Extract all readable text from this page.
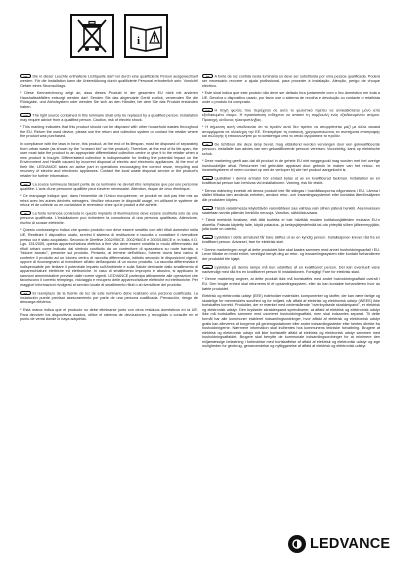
i

DE Die in dieser Leuchte enthaltene Lichtquelle darf nur durch eine qualifizierte Person ausgewechselt werden. Für die Installation kann die Unterstützung durch qualifizierte Personal erforderlich sein. Vorsicht! Gefahr eines Stromschlags.

* Diese Kennzeichnung zeigt an, dass dieses Produkt in der gesamten EU nicht mit anderen Haushaltsabfällen entsorgt werden darf. Senden Sie das abgenutzte Gerät zurück, verwenden Sie die Rückgabe- und Abholsystem oder wenden Sie sich an den Händler, bei dem Sie das Produkt erstanden haben.

GB The light source contained in this luminaire shall only be replaced by a qualified person. Installation may require advice from a qualified person. Caution, risk of electric shock.

* This marking indicates that this product should not be disposed with other household wastes throughout the EU. Return the used device, please use the return and collection system or contact the retailer where the product was purchased.

In compliance with the laws in force, this product, at the end of its lifespan, must be disposed of separately from urban waste (as shown by the "crossed bin" on the product). Therefore, at the end of its life-span, the user must take the product to an appropriate differentiated collection centre or give it to the retailer when a new product is bought. Differentiated collection is indispensable for limiting the potential impact on the Environment and Health caused by incorrect disposal of electric and electronic appliances. At the end of their life, LEDVANCE takes an active part in operations encouraging the correct reuse, recycling and recovery of electric and electronic appliances. Contact the local waste disposal service or the product's retailer for further information.

FR La source lumineuse faisant partie de ce luminaire ne devrait être remplacée que par une personne qualifiée. L'avis d'une personne qualifiée peut s'avérer nécessaire. Attention, risque de choc électrique.

* Ce marquage indique que, dans l'ensemble de l'Union européenne, ce produit ne doit pas être mis au rebut avec les autres déchets ménagers. Veuillez retourner le dispositif usagé, en utilisant le système de retour et de collecte ou en contactant le revendeur chez qui le produit a été acheté.

IT La fonte luminosa contenuta in questo impianto di illuminazione deve essere sostituita solo da una persona qualificata. L'installazione può richiedere la consulenza di una persona qualificata. Attenzione, rischio di scosse elettriche.

* Questo contrassegno indica che questo prodotto non deve essere smaltito con altri rifiuti domestici nella UE. Restituire il dispositivo usato, servirsi il sistema di restituzione e raccolta o contattare il rivenditore presso cui è stato acquistato. Secondo le Direttive 2002/95/CE, 2002/96/CE e 2003/108/CE e, in Italia, il D. Lgs. 151/2005, questa apparecchiatura elettrica a fine vita deve essere smaltita in modo differenziato dai rifiuti urbani come indicato dal simbolo costituito da un contenitore di spazzatura su ruote barrato, o "bidone barrato", presente sul prodotto. Pertanto, al termine dell'utilizzo, l'utente dovrà farsi carico di conferire il prodotto ad un idoneo centro di raccolta differenziata, istituito secondo le disposizioni vigenti, oppure di riconsegnarlo al rivenditore all'atto dell'acquisto di un nuovo prodotto. La raccolta differenziata è indispensabile per limitare il potenziale impatto sull'Ambiente e sulla Salute derivante dallo smaltimento di apparecchiature elettriche ed elettroniche. In caso di smaltimento improprio e abusivo, si applicano le sanzioni amministrative previste dalle norme vigenti. LEDVANCE partecipa attivamente alle operazioni che favoriscono il corretto reimpiego, riciclaggio e recupero delle apparecchiature elettriche ed elettroniche. Per maggiori informazioni rivolgersi al servizio locale di smaltimento rifiuti o al rivenditore del prodotto.

ES El reemplazo de la fuente de luz de este luminario debe realizarlo una persona cualificada. La instalación puede precisar asesoramiento por parte de una persona cualificada. Precaución, riesgo de descarga eléctrica.

* Esta marca indica que el producto no debe eliminarse junto con otros residuos domésticos en la UE. Para devolver los dispositivos usados, utilice el sistema de devoluciones y recogidas o consulte en el punto de venta donde lo haya adquirido.

PT A fonte de luz contida nesta luminária só deve ser substituída por uma pessoa qualificada. Poderá ser necessário recorrer a ajuda profissional, para proceder à instalação. Atenção, perigo de choque eléctrico.

* Este sinal indica que este produto não deve ser deitado fora juntamente com o lixo doméstico em toda a UE. Devolva o dispositivo usado, por favor use o sistema de recolha e devolução ou contacte o retalhista onde o produto foi comprado.

GR Η πηγή φωτός που περιέχεται σε αυτό το φωτιστικό πρέπει να αντικαθίσταται μόνο από εξειδικευμένο άτομο. Η εγκατάσταση ενδέχεται να απαιτεί τη συμβουλή ενός εξειδικευμένου ατόμου. Προσοχή, κίνδυνος ηλεκτροπληξίας.

* Η σήμανση αυτή υποδεικνύει ότι το προϊόν αυτό δεν πρέπει να απορρίπτεται μαζί με άλλα οικιακά απορρίμματα σε ολόκληρη την ΕΕ. Επιστρέψτε τη συσκευή, χρησιμοποιώντας τα συστήματα επιστροφής και συλλογής ή επικοινωνήστε με το κατάστημα από το οποίο αγοράσατε το προϊόν.

NL De lichtbron die deze lamp bevat, mag uitsluitend worden vervangen door een gekwalificeerde persoon. Installatie kan advies van een gekwalificeerde persoon vereisen. Voorzichtig, kans op elektrische schok.

* Deze markering geeft aan dat dit product in de gehele EU niet weggegooid mag worden met het overige huishoudelijke afval. Retourneer het gebruikte apparaat door gebruik te maken van het retour- en inzamelsysteem of neem contact op met de verkoper bij wie het product aangekocht is.

SE Ljuskällan i denna armatur bör endast bytas ut av en kvalificerad fackman. Installation av en kvalificerad person kan behövas vid installationen. Varning, risk för elstöt.

* Denna märkning innebär att denna produkt inte får slängas i hushållssoporna någonstans i EU. Lämna i stället tillbaka den använda enheten, använd retur- och insamlingssystemet eller kontakta återförsäljaren där produkten köptes.

FI Tässä valaisimessa käytettävän valonlähteen saa vaihtaa vain siihen pätevä henkilö. Asennukseen saatetaan tarvita pätevän henkilön neuvoja. Varoitus, sähköiskuvaara.

* Tämä merkintä ilmaisee, että tätä tuotetta ei tule hävittää muiden kotitalousjätteiden mukana EU:n alueella. Palauta käytetty laite, käytä palautus- ja keräysjärjestelmää tai ota yhteyttä siihen jälleenmyyjään, jolta tuote on ostettu.

NO Lyskilden i dette armaturet får bare skiftes ut av en kyndig person. Installasjonen krever råd fra en kvalifisert person. Advarsel, fare for elektrisk støt.

* Denne markeringen angir at dette produktet ikke skal kastes sammen med annet husholdningsavfall i EU. Lever tilbake en brukt enhet, vennligst benytt deg av retur- og innsamlingssystem eller kontakt forhandleren der produktet ble kjøpt.

DK Lyskilden på denne lampe må kun udskiftes af en kvalificeret person. Det kan eventuelt være nødvendigt med råd fra en kvalificeret person til installationen. Forsigtig! Fare for elektrisk stød.

* Denne markering angiver, at dette produkt ikke må bortskaffes med andet husholdningsaffald overalt i EU. Den brugte enhed skal returneres til et opsamlingssystem, eller du kan kontakte forhandleren hvor du købte produktet.

Elektrisk og elektronisk udstyr (EEE) indeholder materialer, komponenter og stoffer, der kan være farlige og skadelige for menneskers sundhed og for miljøet, når affald af elektrisk og elektronisk udstyr (WEEE) ikke bortskaffes korrekt. Produkter, der er mærket med nedenstående "overkrydsede skraldespand", er elektrisk og elektronisk udstyr. Den krydsede skraldespand symboliserer, at affald af elektrisk og elektronisk udstyr ikke må bortskaffes sammen med usorteret husholdningsaffald, men skal indsamles separat. Til dette formål har alle kommuner etableret indsamlingsordninger, hvor affald af elektrisk og elektronisk udstyr gratis kan afleveres af borgerne på genbrugsstationer eller andre indsamlingssteder eller hentes direkte fra husholdningerne. Nærmere information skal indhentes hos kommunens tekniske forvaltning. Brugere af elektrisk og elektronisk udstyr må ikke bortskaffe affald af elektrisk og elektronisk udstyr sammen med husholdningsaffaldet. Brugere skal benytte de kommunale indsamlingsordninger for at minimere den miljømæssige belastning i forbindelse med bortskaffelse af affald af elektrisk og elektronisk udstyr og øge muligheden for genbrug, genanvendelse og nyttiggørelse af affald af elektrisk og elektronisk udstyr.

LEDVANCE
